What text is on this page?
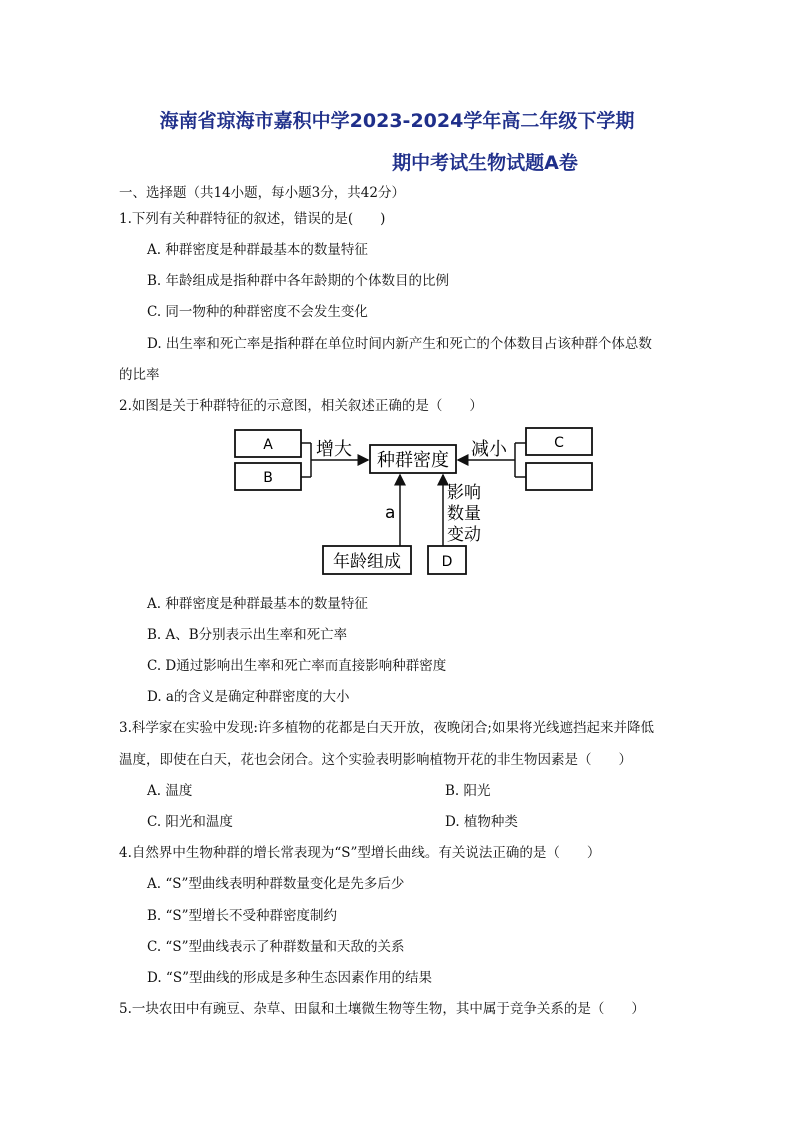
海南省琼海市嘉积中学2023-2024学年高二年级下学期
期中考试生物试题A卷
一、选择题（共14小题，每小题3分，共42分）
1.下列有关种群特征的叙述，错误的是(　　)
A. 种群密度是种群最基本的数量特征
B. 年龄组成是指种群中各年龄期的个体数目的比例
C. 同一物种的种群密度不会发生变化
D. 出生率和死亡率是指种群在单位时间内新产生和死亡的个体数目占该种群个体总数
的比率
2.如图是关于种群特征的示意图，相关叙述正确的是（　　）
A
B
增大
种群密度
C
减小
a
年龄组成
影响
数量
变动
D
A. 种群密度是种群最基本的数量特征
B. A、B分别表示出生率和死亡率
C. D通过影响出生率和死亡率而直接影响种群密度
D. a的含义是确定种群密度的大小
3.科学家在实验中发现:许多植物的花都是白天开放，夜晚闭合;如果将光线遮挡起来并降低
温度，即使在白天，花也会闭合。这个实验表明影响植物开花的非生物因素是（　　）
A. 温度	B. 阳光
C. 阳光和温度	D. 植物种类
4.自然界中生物种群的增长常表现为“S”型增长曲线。有关说法正确的是（　　）
A. “S”型曲线表明种群数量变化是先多后少
B. “S”型增长不受种群密度制约
C. “S”型曲线表示了种群数量和天敌的关系
D. “S”型曲线的形成是多种生态因素作用的结果
5.一块农田中有豌豆、杂草、田鼠和土壤微生物等生物，其中属于竞争关系的是（　　）
